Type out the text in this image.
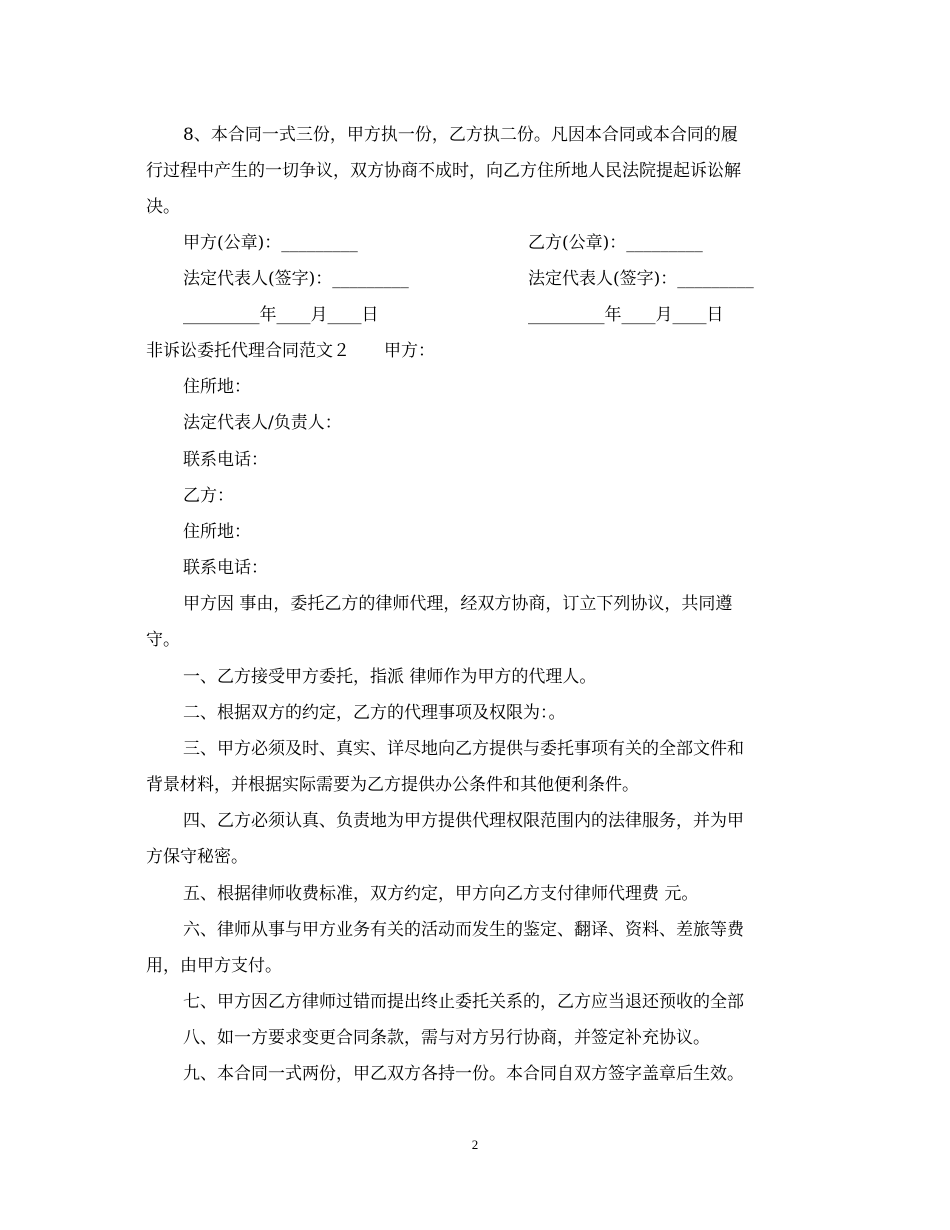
8、本合同一式三份，甲方执一份，乙方执二份。凡因本合同或本合同的履
行过程中产生的一切争议，双方协商不成时，向乙方住所地人民法院提起诉讼解
决。
甲方(公章)：_________	乙方(公章)：_________
法定代表人(签字)：_________	法定代表人(签字)：_________
_________年____月____日	_________年____月____日
非诉讼委托代理合同范文２　　甲方：
住所地：
法定代表人/负责人：
联系电话：
乙方：
住所地：
联系电话：
甲方因 事由，委托乙方的律师代理，经双方协商，订立下列协议，共同遵
守。
一、乙方接受甲方委托，指派 律师作为甲方的代理人。
二、根据双方的约定，乙方的代理事项及权限为：。
三、甲方必须及时、真实、详尽地向乙方提供与委托事项有关的全部文件和
背景材料，并根据实际需要为乙方提供办公条件和其他便利条件。
四、乙方必须认真、负责地为甲方提供代理权限范围内的法律服务，并为甲
方保守秘密。
五、根据律师收费标准，双方约定，甲方向乙方支付律师代理费 元。
六、律师从事与甲方业务有关的活动而发生的鉴定、翻译、资料、差旅等费
用，由甲方支付。
七、甲方因乙方律师过错而提出终止委托关系的，乙方应当退还预收的全部
八、如一方要求变更合同条款，需与对方另行协商，并签定补充协议。
九、本合同一式两份，甲乙双方各持一份。本合同自双方签字盖章后生效。
2
